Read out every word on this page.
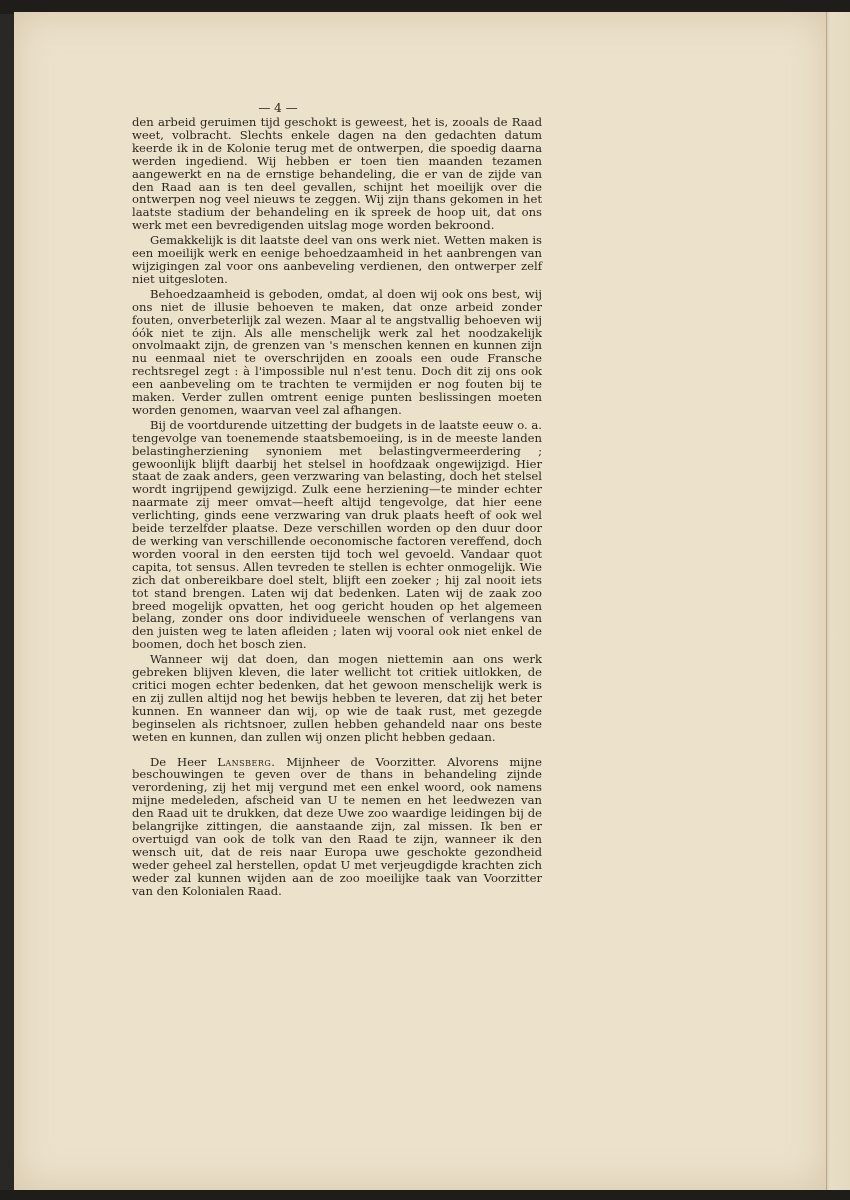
— 4 —

den arbeid geruimen tijd geschokt is geweest, het is, zooals de Raad weet, volbracht. Slechts enkele dagen na den gedachten datum keerde ik in de Kolonie terug met de ontwerpen, die spoedig daarna werden ingediend. Wij hebben er toen tien maanden tezamen aangewerkt en na de ernstige behandeling, die er van de zijde van den Raad aan is ten deel gevallen, schijnt het moeilijk over die ontwerpen nog veel nieuws te zeggen. Wij zijn thans gekomen in het laatste stadium der behandeling en ik spreek de hoop uit, dat ons werk met een bevredigenden uitslag moge worden bekroond.

Gemakkelijk is dit laatste deel van ons werk niet. Wetten maken is een moeilijk werk en eenige behoedzaamheid in het aanbrengen van wijzigingen zal voor ons aanbeveling verdienen, den ontwerper zelf niet uitgesloten.

Behoedzaamheid is geboden, omdat, al doen wij ook ons best, wij ons niet de illusie behoeven te maken, dat onze arbeid zonder fouten, onverbeterlijk zal wezen. Maar al te angstvallig behoeven wij óók niet te zijn. Als alle menschelijk werk zal het noodzakelijk onvolmaakt zijn, de grenzen van 's menschen kennen en kunnen zijn nu eenmaal niet te overschrijden en zooals een oude Fransche rechtsregel zegt : à l'impossible nul n'est tenu. Doch dit zij ons ook een aanbeveling om te trachten te vermijden er nog fouten bij te maken. Verder zullen omtrent eenige punten beslissingen moeten worden genomen, waarvan veel zal afhangen.

Bij de voortdurende uitzetting der budgets in de laatste eeuw o. a. tengevolge van toenemende staatsbemoeiing, is in de meeste landen belastingherziening synoniem met belastingvermeerdering ; gewoonlijk blijft daarbij het stelsel in hoofdzaak ongewijzigd. Hier staat de zaak anders, geen verzwaring van belasting, doch het stelsel wordt ingrijpend gewijzigd. Zulk eene herziening—te minder echter naarmate zij meer omvat—heeft altijd tengevolge, dat hier eene verlichting, ginds eene verzwaring van druk plaats heeft of ook wel beide terzelfder plaatse. Deze verschillen worden op den duur door de werking van verschillende oeconomische factoren vereffend, doch worden vooral in den eersten tijd toch wel gevoeld. Vandaar quot capita, tot sensus. Allen tevreden te stellen is echter onmogelijk. Wie zich dat onbereikbare doel stelt, blijft een zoeker ; hij zal nooit iets tot stand brengen. Laten wij dat bedenken. Laten wij de zaak zoo breed mogelijk opvatten, het oog gericht houden op het algemeen belang, zonder ons door individueele wenschen of verlangens van den juisten weg te laten afleiden ; laten wij vooral ook niet enkel de boomen, doch het bosch zien.

Wanneer wij dat doen, dan mogen niettemin aan ons werk gebreken blijven kleven, die later wellicht tot critiek uitlokken, de critici mogen echter bedenken, dat het gewoon menschelijk werk is en zij zullen altijd nog het bewijs hebben te leveren, dat zij het beter kunnen. En wanneer dan wij, op wie de taak rust, met gezegde beginselen als richtsnoer, zullen hebben gehandeld naar ons beste weten en kunnen, dan zullen wij onzen plicht hebben gedaan.

De Heer Lansberg. Mijnheer de Voorzitter. Alvorens mijne beschouwingen te geven over de thans in behandeling zijnde verordening, zij het mij vergund met een enkel woord, ook namens mijne medeleden, afscheid van U te nemen en het leedwezen van den Raad uit te drukken, dat deze Uwe zoo waardige leidingen bij de belangrijke zittingen, die aanstaande zijn, zal missen. Ik ben er overtuigd van ook de tolk van den Raad te zijn, wanneer ik den wensch uit, dat de reis naar Europa uwe geschokte gezondheid weder geheel zal herstellen, opdat U met verjeugdigde krachten zich weder zal kunnen wijden aan de zoo moeilijke taak van Voorzitter van den Kolonialen Raad.
